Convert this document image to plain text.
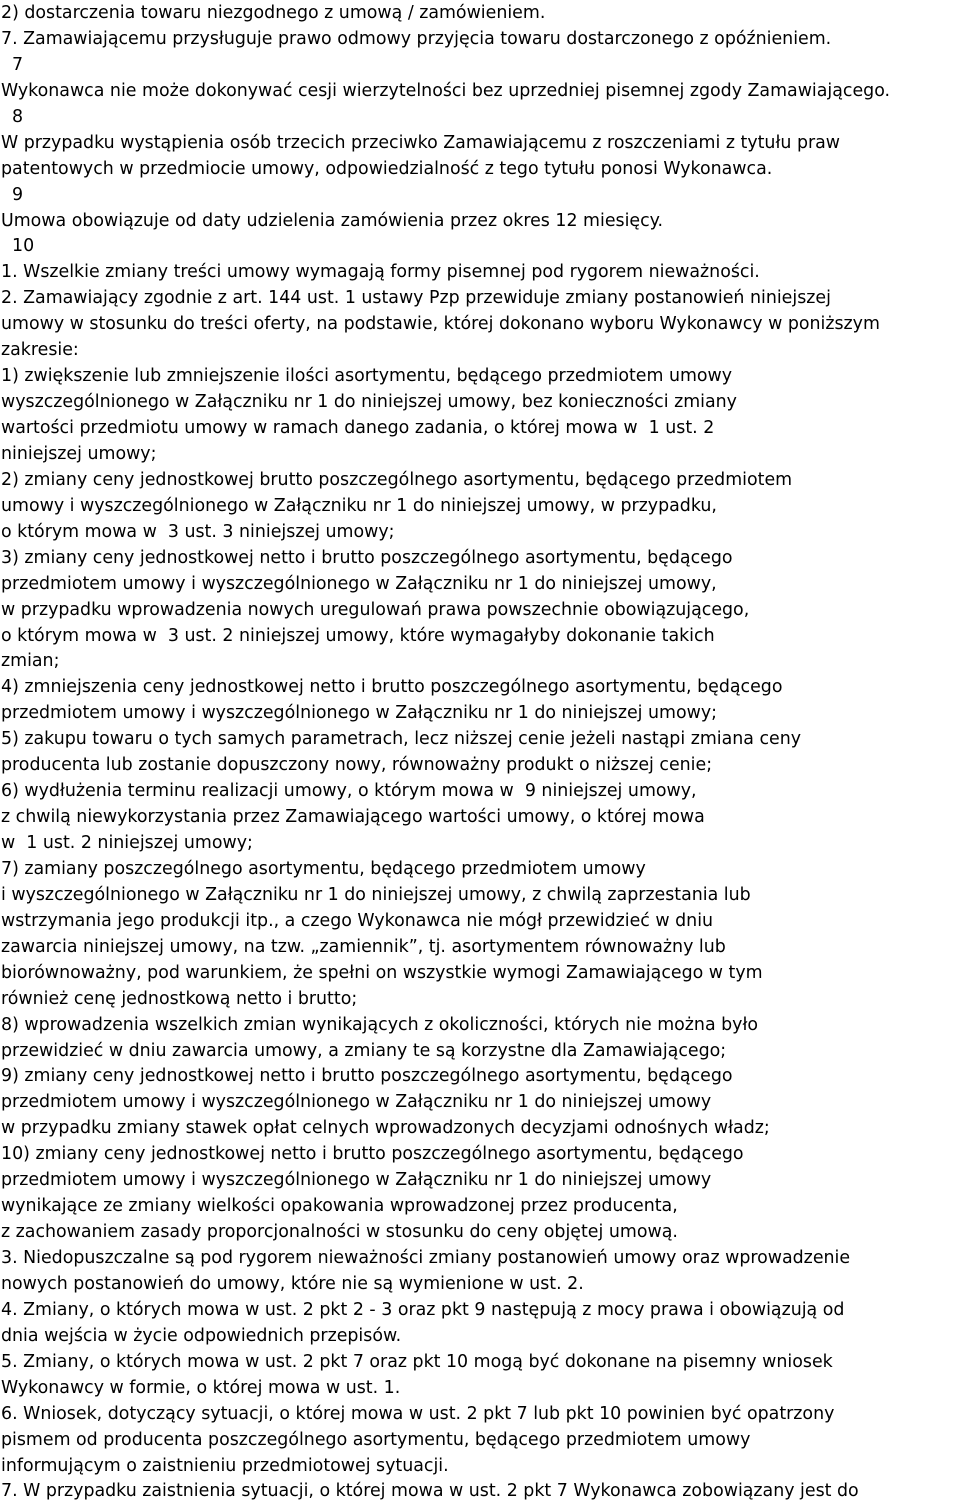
2) dostarczenia towaru niezgodnego z umową / zamówieniem.
7. Zamawiającemu przysługuje prawo odmowy przyjęcia towaru dostarczonego z opóźnieniem.
7
Wykonawca nie może dokonywać cesji wierzytelności bez uprzedniej pisemnej zgody Zamawiającego.
8
W przypadku wystąpienia osób trzecich przeciwko Zamawiającemu z roszczeniami z tytułu praw
patentowych w przedmiocie umowy, odpowiedzialność z tego tytułu ponosi Wykonawca.
9
Umowa obowiązuje od daty udzielenia zamówienia przez okres 12 miesięcy.
10
1. Wszelkie zmiany treści umowy wymagają formy pisemnej pod rygorem nieważności.
2. Zamawiający zgodnie z art. 144 ust. 1 ustawy Pzp przewiduje zmiany postanowień niniejszej
umowy w stosunku do treści oferty, na podstawie, której dokonano wyboru Wykonawcy w poniższym
zakresie:
1) zwiększenie lub zmniejszenie ilości asortymentu, będącego przedmiotem umowy
wyszczególnionego w Załączniku nr 1 do niniejszej umowy, bez konieczności zmiany
wartości przedmiotu umowy w ramach danego zadania, o której mowa w  1 ust. 2
niniejszej umowy;
2) zmiany ceny jednostkowej brutto poszczególnego asortymentu, będącego przedmiotem
umowy i wyszczególnionego w Załączniku nr 1 do niniejszej umowy, w przypadku,
o którym mowa w  3 ust. 3 niniejszej umowy;
3) zmiany ceny jednostkowej netto i brutto poszczególnego asortymentu, będącego
przedmiotem umowy i wyszczególnionego w Załączniku nr 1 do niniejszej umowy,
w przypadku wprowadzenia nowych uregulowań prawa powszechnie obowiązującego,
o którym mowa w  3 ust. 2 niniejszej umowy, które wymagałyby dokonanie takich
zmian;
4) zmniejszenia ceny jednostkowej netto i brutto poszczególnego asortymentu, będącego
przedmiotem umowy i wyszczególnionego w Załączniku nr 1 do niniejszej umowy;
5) zakupu towaru o tych samych parametrach, lecz niższej cenie jeżeli nastąpi zmiana ceny
producenta lub zostanie dopuszczony nowy, równoważny produkt o niższej cenie;
6) wydłużenia terminu realizacji umowy, o którym mowa w  9 niniejszej umowy,
z chwilą niewykorzystania przez Zamawiającego wartości umowy, o której mowa
w  1 ust. 2 niniejszej umowy;
7) zamiany poszczególnego asortymentu, będącego przedmiotem umowy
i wyszczególnionego w Załączniku nr 1 do niniejszej umowy, z chwilą zaprzestania lub
wstrzymania jego produkcji itp., a czego Wykonawca nie mógł przewidzieć w dniu
zawarcia niniejszej umowy, na tzw. „zamiennik”, tj. asortymentem równoważny lub
biorównoważny, pod warunkiem, że spełni on wszystkie wymogi Zamawiającego w tym
również cenę jednostkową netto i brutto;
8) wprowadzenia wszelkich zmian wynikających z okoliczności, których nie można było
przewidzieć w dniu zawarcia umowy, a zmiany te są korzystne dla Zamawiającego;
9) zmiany ceny jednostkowej netto i brutto poszczególnego asortymentu, będącego
przedmiotem umowy i wyszczególnionego w Załączniku nr 1 do niniejszej umowy
w przypadku zmiany stawek opłat celnych wprowadzonych decyzjami odnośnych władz;
10) zmiany ceny jednostkowej netto i brutto poszczególnego asortymentu, będącego
przedmiotem umowy i wyszczególnionego w Załączniku nr 1 do niniejszej umowy
wynikające ze zmiany wielkości opakowania wprowadzonej przez producenta,
z zachowaniem zasady proporcjonalności w stosunku do ceny objętej umową.
3. Niedopuszczalne są pod rygorem nieważności zmiany postanowień umowy oraz wprowadzenie
nowych postanowień do umowy, które nie są wymienione w ust. 2.
4. Zmiany, o których mowa w ust. 2 pkt 2 - 3 oraz pkt 9 następują z mocy prawa i obowiązują od
dnia wejścia w życie odpowiednich przepisów.
5. Zmiany, o których mowa w ust. 2 pkt 7 oraz pkt 10 mogą być dokonane na pisemny wniosek
Wykonawcy w formie, o której mowa w ust. 1.
6. Wniosek, dotyczący sytuacji, o której mowa w ust. 2 pkt 7 lub pkt 10 powinien być opatrzony
pismem od producenta poszczególnego asortymentu, będącego przedmiotem umowy
informującym o zaistnieniu przedmiotowej sytuacji.
7. W przypadku zaistnienia sytuacji, o której mowa w ust. 2 pkt 7 Wykonawca zobowiązany jest do
